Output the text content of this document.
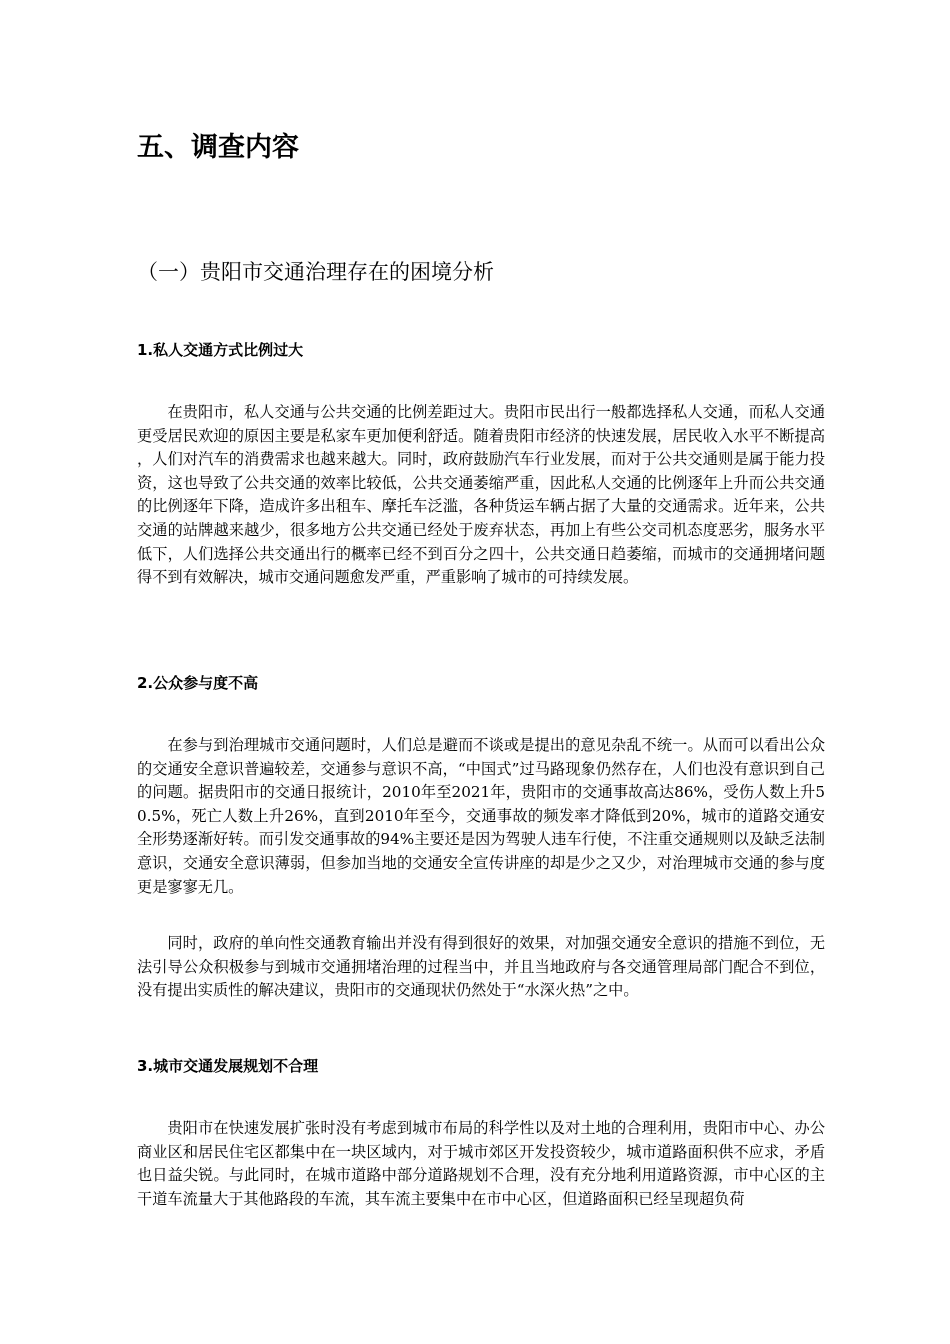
五、调查内容
（一）贵阳市交通治理存在的困境分析
1.私人交通方式比例过大

在贵阳市，私人交通与公共交通的比例差距过大。贵阳市民出行一般都选择私人交通，而私人交通更受居民欢迎的原因主要是私家车更加便利舒适。随着贵阳市经济的快速发展，居民收入水平不断提高，人们对汽车的消费需求也越来越大。同时，政府鼓励汽车行业发展，而对于公共交通则是属于能力投资，这也导致了公共交通的效率比较低，公共交通萎缩严重，因此私人交通的比例逐年上升而公共交通的比例逐年下降，造成许多出租车、摩托车泛滥，各种货运车辆占据了大量的交通需求。近年来，公共交通的站牌越来越少，很多地方公共交通已经处于废弃状态，再加上有些公交司机态度恶劣，服务水平低下，人们选择公共交通出行的概率已经不到百分之四十，公共交通日趋萎缩，而城市的交通拥堵问题得不到有效解决，城市交通问题愈发严重，严重影响了城市的可持续发展。

2.公众参与度不高

在参与到治理城市交通问题时，人们总是避而不谈或是提出的意见杂乱不统一。从而可以看出公众的交通安全意识普遍较差，交通参与意识不高，“中国式”过马路现象仍然存在，人们也没有意识到自己的问题。据贵阳市的交通日报统计，2010年至2021年，贵阳市的交通事故高达86%，受伤人数上升50.5%，死亡人数上升26%，直到2010年至今，交通事故的频发率才降低到20%，城市的道路交通安全形势逐渐好转。而引发交通事故的94%主要还是因为驾驶人违车行使，不注重交通规则以及缺乏法制意识，交通安全意识薄弱，但参加当地的交通安全宣传讲座的却是少之又少，对治理城市交通的参与度更是寥寥无几。

同时，政府的单向性交通教育输出并没有得到很好的效果，对加强交通安全意识的措施不到位，无法引导公众积极参与到城市交通拥堵治理的过程当中，并且当地政府与各交通管理局部门配合不到位，没有提出实质性的解决建议，贵阳市的交通现状仍然处于“水深火热”之中。

3.城市交通发展规划不合理

贵阳市在快速发展扩张时没有考虑到城市布局的科学性以及对土地的合理利用，贵阳市中心、办公商业区和居民住宅区都集中在一块区域内，对于城市郊区开发投资较少，城市道路面积供不应求，矛盾也日益尖锐。与此同时，在城市道路中部分道路规划不合理，没有充分地利用道路资源，市中心区的主干道车流量大于其他路段的车流，其车流主要集中在市中心区，但道路面积已经呈现超负荷
